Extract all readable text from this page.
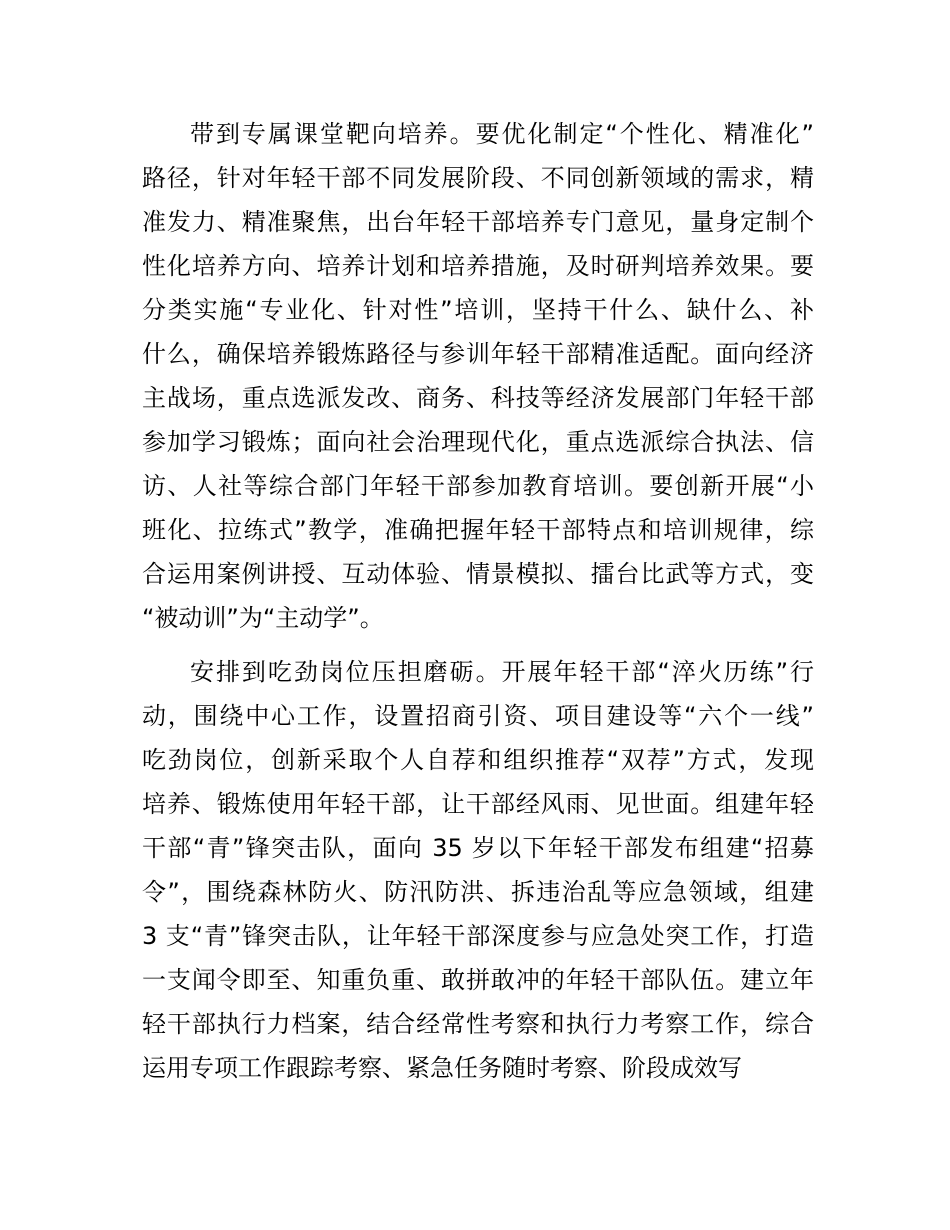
带到专属课堂靶向培养。要优化制定“个性化、精准化”
路径，针对年轻干部不同发展阶段、不同创新领域的需求，精
准发力、精准聚焦，出台年轻干部培养专门意见，量身定制个
性化培养方向、培养计划和培养措施，及时研判培养效果。要
分类实施“专业化、针对性”培训，坚持干什么、缺什么、补
什么，确保培养锻炼路径与参训年轻干部精准适配。面向经济
主战场，重点选派发改、商务、科技等经济发展部门年轻干部
参加学习锻炼；面向社会治理现代化，重点选派综合执法、信
访、人社等综合部门年轻干部参加教育培训。要创新开展“小
班化、拉练式”教学，准确把握年轻干部特点和培训规律，综
合运用案例讲授、互动体验、情景模拟、擂台比武等方式，变
“被动训”为“主动学”。
安排到吃劲岗位压担磨砺。开展年轻干部“淬火历练”行
动，围绕中心工作，设置招商引资、项目建设等“六个一线”
吃劲岗位，创新采取个人自荐和组织推荐“双荐”方式，发现
培养、锻炼使用年轻干部，让干部经风雨、见世面。组建年轻
干部“青”锋突击队，面向 35 岁以下年轻干部发布组建“招募
令”，围绕森林防火、防汛防洪、拆违治乱等应急领域，组建
3 支“青”锋突击队，让年轻干部深度参与应急处突工作，打造
一支闻令即至、知重负重、敢拼敢冲的年轻干部队伍。建立年
轻干部执行力档案，结合经常性考察和执行力考察工作，综合
运用专项工作跟踪考察、紧急任务随时考察、阶段成效写
